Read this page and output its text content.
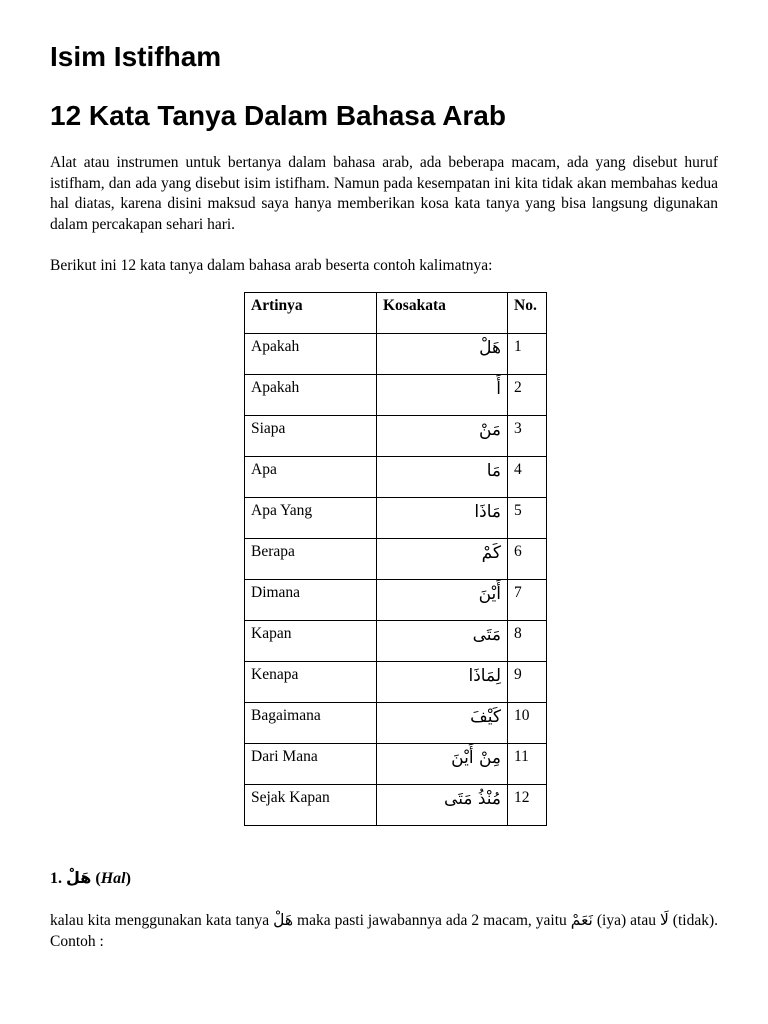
Isim Istifham
12 Kata Tanya Dalam Bahasa Arab

Alat atau instrumen untuk bertanya dalam bahasa arab, ada beberapa macam, ada yang disebut huruf istifham, dan ada yang disebut isim istifham. Namun pada kesempatan ini kita tidak akan membahas kedua hal diatas, karena disini maksud saya hanya memberikan kosa kata tanya yang bisa langsung digunakan dalam percakapan sehari hari.

Berikut ini 12 kata tanya dalam bahasa arab beserta contoh kalimatnya:

Artinya	Kosakata	No.
Apakah	هَلْ	1
Apakah	أَ	2
Siapa	مَنْ	3
Apa	مَا	4
Apa Yang	مَاذَا	5
Berapa	كَمْ	6
Dimana	أَيْنَ	7
Kapan	مَتَى	8
Kenapa	لِمَاذَا	9
Bagaimana	كَيْفَ	10
Dari Mana	مِنْ أَيْنَ	11
Sejak Kapan	مُنْذُ مَتَى	12

1. هَلْ (Hal)

kalau kita menggunakan kata tanya هَلْ maka pasti jawabannya ada 2 macam, yaitu نَعَمْ (iya) atau لَا (tidak). Contoh :
